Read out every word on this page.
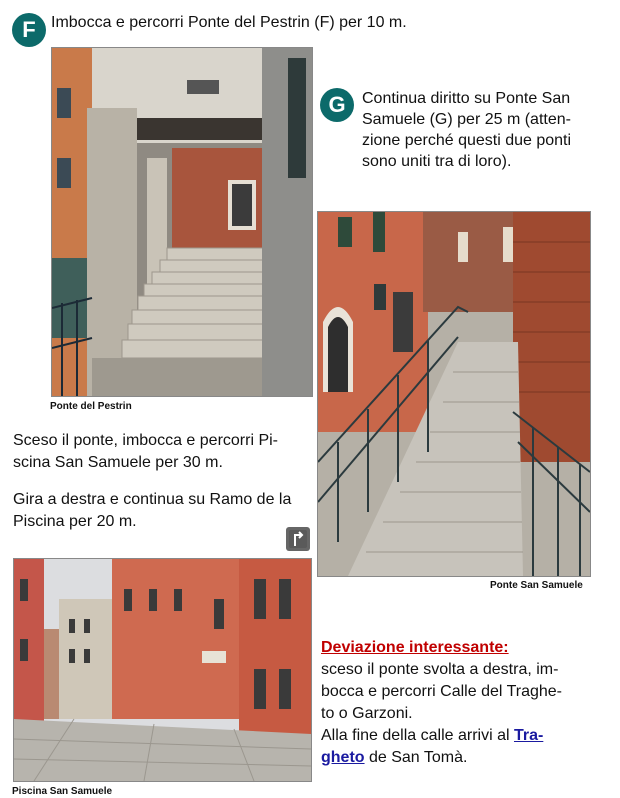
F Imbocca e percorri Ponte del Pestrin (F) per 10 m.
Ponte del Pestrin
G Continua diritto su Ponte San
Samuele (G) per 25 m (atten-
zione perché questi due ponti
sono uniti tra di loro).
Ponte San Samuele
Sceso il ponte, imbocca e percorri Pi-
scina San Samuele per 30 m.
Gira a destra e continua su Ramo de la
Piscina per 20 m.
Piscina San Samuele
Deviazione interessante:
sceso il ponte svolta a destra, im-
bocca e percorri Calle del Traghe-
to o Garzoni.
Alla fine della calle arrivi al Tra-
gheto de San Tomà.
